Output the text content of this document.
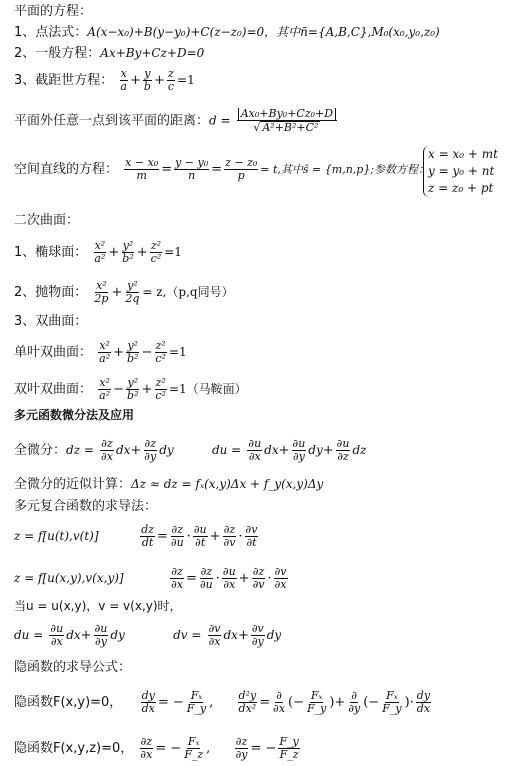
平面的方程：
1、点法式：A(x−x₀)+B(y−y₀)+C(z−z₀)=0，其中n̄={A,B,C},M₀(x₀,y₀,z₀)
2、一般方程：Ax+By+Cz+D=0
3、截距世方程： $\frac{x}{a} + \frac{y}{b} + \frac{z}{c} =1$
平面外任意一点到该平面的距离：$d = \frac{\text{Ax₀+By₀+Cz₀+D}}{\text{√ A²+B²+C²}}$
空间直线的方程： $\frac{\text{x − x₀}}{m} = \frac{\text{y − y₀}}{n} = \frac{\text{z − z₀}}{p} = t$,其中s̄ = {m,n,p};参数方程：
x = x₀ + mt
y = y₀ + nt
z = z₀ + pt
二次曲面：
1、椭球面： $\frac{\text{x²}}{\text{a²}} + \frac{\text{y²}}{\text{b²}} + \frac{\text{z²}}{\text{c²}} =1$
2、抛物面： $\frac{\text{x²}}{2p} + \frac{\text{y²}}{2q} = z,(p,q$同号）
3、双曲面：
单叶双曲面： $\frac{\text{x²}}{\text{a²}} + \frac{\text{y²}}{\text{b²}} - \frac{\text{z²}}{\text{c²}} =1$
双叶双曲面： $\frac{\text{x²}}{\text{a²}} - \frac{\text{y²}}{\text{b²}} + \frac{\text{z²}}{\text{c²}} =1$（马鞍面）
多元函数微分法及应用
全微分：dz = $\frac{\partial z}{\partial x} dx+ \frac{\partial z}{\partial y}$ dy	du = $\frac{\partial u}{\partial x} dx+ \frac{\partial u}{\partial y} dy+ \frac{\partial u}{\partial z}$ dz
全微分的近似计算：Δz ≈ dz = fₓ(x,y)Δx + f_y(x,y)Δy
多元复合函数的求导法：
z = f[u(t),v(t)]	$\frac{dz}{dt} = \frac{\partial z}{\partial u} \cdot \frac{\partial u}{\partial t} + \frac{\partial z}{\partial v} \cdot \frac{\partial v}{\partial t}$
z = f[u(x,y),v(x,y)]	$\frac{\partial z}{\partial x} = \frac{\partial z}{\partial u} \cdot \frac{\partial u}{\partial x} + \frac{\partial z}{\partial v} \cdot \frac{\partial v}{\partial x}$
当u = u(x,y)，v = v(x,y)时，
du = $\frac{\partial u}{\partial x} dx+ \frac{\partial u}{\partial y}$ dy	dv = $\frac{\partial v}{\partial x} dx+ \frac{\partial v}{\partial y}$ dy
隐函数的求导公式：
隐函数F(x,y)=0， $\frac{dy}{dx}$ = − $\frac{\text{Fₓ}}{F\_y}$ , $\frac{\text{d²y}}{\text{dx²}} = \frac{\partial}{\partial x}$ (− $\frac{\text{Fₓ}}{F\_y}$ )+ $\frac{\partial}{\partial y}$ (− $\frac{\text{Fₓ}}{F\_y}$ )· $\frac{dy}{dx}$
隐函数F(x,y,z)=0， $\frac{\partial z}{\partial x}$ = − $\frac{\text{Fₓ}}{F\_z}$ , $\frac{\partial z}{\partial y}$ = − $\frac{F\_y}{F\_z}$
